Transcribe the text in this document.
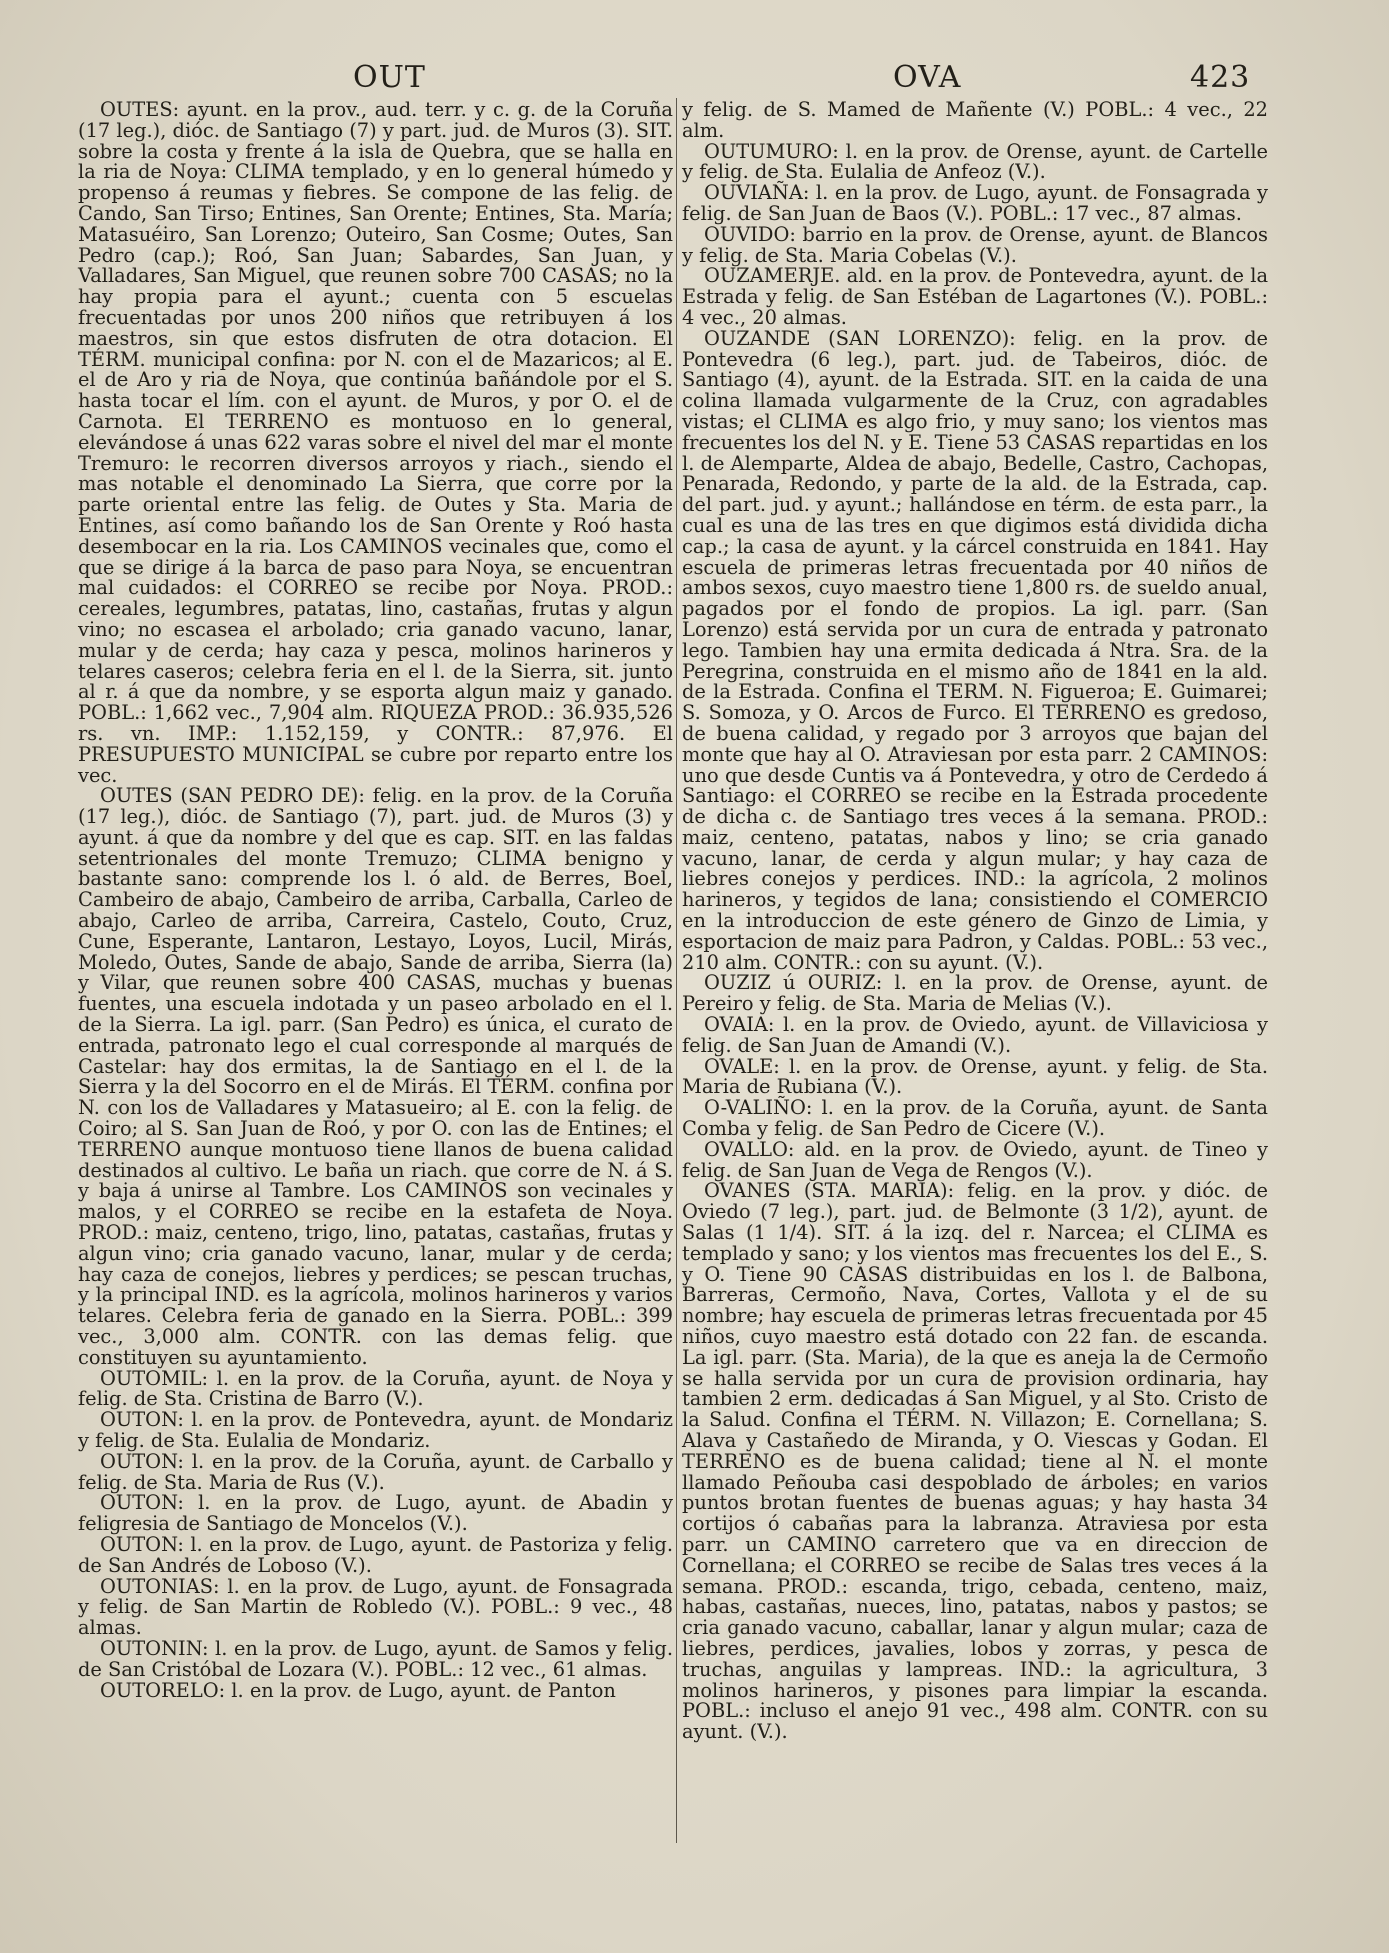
OUT	OVA	423

OUTES: ayunt. en la prov., aud. terr. y c. g. de la Coruña (17 leg.), dióc. de Santiago (7) y part. jud. de Muros (3). SIT. sobre la costa y frente á la isla de Quebra, que se halla en la ria de Noya: CLIMA templado, y en lo general húmedo y propenso á reumas y fiebres. Se compone de las felig. de Cando, San Tirso; Entines, San Orente; Entines, Sta. María; Matasuéiro, San Lorenzo; Outeiro, San Cosme; Outes, San Pedro (cap.); Roó, San Juan; Sabardes, San Juan, y Valladares, San Miguel, que reunen sobre 700 CASAS; no la hay propia para el ayunt.; cuenta con 5 escuelas frecuentadas por unos 200 niños que retribuyen á los maestros, sin que estos disfruten de otra dotacion. El TÉRM. municipal confina: por N. con el de Mazaricos; al E. el de Aro y ria de Noya, que continúa bañándole por el S. hasta tocar el lím. con el ayunt. de Muros, y por O. el de Carnota. El TERRENO es montuoso en lo general, elevándose á unas 622 varas sobre el nivel del mar el monte Tremuro: le recorren diversos arroyos y riach., siendo el mas notable el denominado La Sierra, que corre por la parte oriental entre las felig. de Outes y Sta. Maria de Entines, así como bañando los de San Orente y Roó hasta desembocar en la ria. Los CAMINOS vecinales que, como el que se dirige á la barca de paso para Noya, se encuentran mal cuidados: el CORREO se recibe por Noya. PROD.: cereales, legumbres, patatas, lino, castañas, frutas y algun vino; no escasea el arbolado; cria ganado vacuno, lanar, mular y de cerda; hay caza y pesca, molinos harineros y telares caseros; celebra feria en el l. de la Sierra, sit. junto al r. á que da nombre, y se esporta algun maiz y ganado. POBL.: 1,662 vec., 7,904 alm. RIQUEZA PROD.: 36.935,526 rs. vn. IMP.: 1.152,159, y CONTR.: 87,976. El PRESUPUESTO MUNICIPAL se cubre por reparto entre los vec.

OUTES (SAN PEDRO DE): felig. en la prov. de la Coruña (17 leg.), dióc. de Santiago (7), part. jud. de Muros (3) y ayunt. á que da nombre y del que es cap. SIT. en las faldas setentrionales del monte Tremuzo; CLIMA benigno y bastante sano: comprende los l. ó ald. de Berres, Boel, Cambeiro de abajo, Cambeiro de arriba, Carballa, Carleo de abajo, Carleo de arriba, Carreira, Castelo, Couto, Cruz, Cune, Esperante, Lantaron, Lestayo, Loyos, Lucil, Mirás, Moledo, Outes, Sande de abajo, Sande de arriba, Sierra (la) y Vilar, que reunen sobre 400 CASAS, muchas y buenas fuentes, una escuela indotada y un paseo arbolado en el l. de la Sierra. La igl. parr. (San Pedro) es única, el curato de entrada, patronato lego el cual corresponde al marqués de Castelar: hay dos ermitas, la de Santiago en el l. de la Sierra y la del Socorro en el de Mirás. El TÉRM. confina por N. con los de Valladares y Matasueiro; al E. con la felig. de Coiro; al S. San Juan de Roó, y por O. con las de Entines; el TERRENO aunque montuoso tiene llanos de buena calidad destinados al cultivo. Le baña un riach. que corre de N. á S. y baja á unirse al Tambre. Los CAMINOS son vecinales y malos, y el CORREO se recibe en la estafeta de Noya. PROD.: maiz, centeno, trigo, lino, patatas, castañas, frutas y algun vino; cria ganado vacuno, lanar, mular y de cerda; hay caza de conejos, liebres y perdices; se pescan truchas, y la principal IND. es la agrícola, molinos harineros y varios telares. Celebra feria de ganado en la Sierra. POBL.: 399 vec., 3,000 alm. CONTR. con las demas felig. que constituyen su ayuntamiento.

OUTOMIL: l. en la prov. de la Coruña, ayunt. de Noya y felig. de Sta. Cristina de Barro (V.).

OUTON: l. en la prov. de Pontevedra, ayunt. de Mondariz y felig. de Sta. Eulalia de Mondariz.

OUTON: l. en la prov. de la Coruña, ayunt. de Carballo y felig. de Sta. Maria de Rus (V.).

OUTON: l. en la prov. de Lugo, ayunt. de Abadin y feligresia de Santiago de Moncelos (V.).

OUTON: l. en la prov. de Lugo, ayunt. de Pastoriza y felig. de San Andrés de Loboso (V.).

OUTONIAS: l. en la prov. de Lugo, ayunt. de Fonsagrada y felig. de San Martin de Robledo (V.). POBL.: 9 vec., 48 almas.

OUTONIN: l. en la prov. de Lugo, ayunt. de Samos y felig. de San Cristóbal de Lozara (V.). POBL.: 12 vec., 61 almas.

OUTORELO: l. en la prov. de Lugo, ayunt. de Panton

y felig. de S. Mamed de Mañente (V.) POBL.: 4 vec., 22 alm.

OUTUMURO: l. en la prov. de Orense, ayunt. de Cartelle y felig. de Sta. Eulalia de Anfeoz (V.).

OUVIAÑA: l. en la prov. de Lugo, ayunt. de Fonsagrada y felig. de San Juan de Baos (V.). POBL.: 17 vec., 87 almas.

OUVIDO: barrio en la prov. de Orense, ayunt. de Blancos y felig. de Sta. Maria Cobelas (V.).

OUZAMERJE. ald. en la prov. de Pontevedra, ayunt. de la Estrada y felig. de San Estéban de Lagartones (V.). POBL.: 4 vec., 20 almas.

OUZANDE (SAN LORENZO): felig. en la prov. de Pontevedra (6 leg.), part. jud. de Tabeiros, dióc. de Santiago (4), ayunt. de la Estrada. SIT. en la caida de una colina llamada vulgarmente de la Cruz, con agradables vistas; el CLIMA es algo frio, y muy sano; los vientos mas frecuentes los del N. y E. Tiene 53 CASAS repartidas en los l. de Alemparte, Aldea de abajo, Bedelle, Castro, Cachopas, Penarada, Redondo, y parte de la ald. de la Estrada, cap. del part. jud. y ayunt.; hallándose en térm. de esta parr., la cual es una de las tres en que digimos está dividida dicha cap.; la casa de ayunt. y la cárcel construida en 1841. Hay escuela de primeras letras frecuentada por 40 niños de ambos sexos, cuyo maestro tiene 1,800 rs. de sueldo anual, pagados por el fondo de propios. La igl. parr. (San Lorenzo) está servida por un cura de entrada y patronato lego. Tambien hay una ermita dedicada á Ntra. Sra. de la Peregrina, construida en el mismo año de 1841 en la ald. de la Estrada. Confina el TERM. N. Figueroa; E. Guimarei; S. Somoza, y O. Arcos de Furco. El TERRENO es gredoso, de buena calidad, y regado por 3 arroyos que bajan del monte que hay al O. Atraviesan por esta parr. 2 CAMINOS: uno que desde Cuntis va á Pontevedra, y otro de Cerdedo á Santiago: el CORREO se recibe en la Estrada procedente de dicha c. de Santiago tres veces á la semana. PROD.: maiz, centeno, patatas, nabos y lino; se cria ganado vacuno, lanar, de cerda y algun mular; y hay caza de liebres conejos y perdices. IND.: la agrícola, 2 molinos harineros, y tegidos de lana; consistiendo el COMERCIO en la introduccion de este género de Ginzo de Limia, y esportacion de maiz para Padron, y Caldas. POBL.: 53 vec., 210 alm. CONTR.: con su ayunt. (V.).

OUZIZ ú OURIZ: l. en la prov. de Orense, ayunt. de Pereiro y felig. de Sta. Maria de Melias (V.).

OVAIA: l. en la prov. de Oviedo, ayunt. de Villaviciosa y felig. de San Juan de Amandi (V.).

OVALE: l. en la prov. de Orense, ayunt. y felig. de Sta. Maria de Rubiana (V.).

O-VALIÑO: l. en la prov. de la Coruña, ayunt. de Santa Comba y felig. de San Pedro de Cicere (V.).

OVALLO: ald. en la prov. de Oviedo, ayunt. de Tineo y felig. de San Juan de Vega de Rengos (V.).

OVANES (STA. MARIA): felig. en la prov. y dióc. de Oviedo (7 leg.), part. jud. de Belmonte (3 1/2), ayunt. de Salas (1 1/4). SIT. á la izq. del r. Narcea; el CLIMA es templado y sano; y los vientos mas frecuentes los del E., S. y O. Tiene 90 CASAS distribuidas en los l. de Balbona, Barreras, Cermoño, Nava, Cortes, Vallota y el de su nombre; hay escuela de primeras letras frecuentada por 45 niños, cuyo maestro está dotado con 22 fan. de escanda. La igl. parr. (Sta. Maria), de la que es aneja la de Cermoño se halla servida por un cura de provision ordinaria, hay tambien 2 erm. dedicadas á San Miguel, y al Sto. Cristo de la Salud. Confina el TÉRM. N. Villazon; E. Cornellana; S. Alava y Castañedo de Miranda, y O. Viescas y Godan. El TERRENO es de buena calidad; tiene al N. el monte llamado Peñouba casi despoblado de árboles; en varios puntos brotan fuentes de buenas aguas; y hay hasta 34 cortijos ó cabañas para la labranza. Atraviesa por esta parr. un CAMINO carretero que va en direccion de Cornellana; el CORREO se recibe de Salas tres veces á la semana. PROD.: escanda, trigo, cebada, centeno, maiz, habas, castañas, nueces, lino, patatas, nabos y pastos; se cria ganado vacuno, caballar, lanar y algun mular; caza de liebres, perdices, javalies, lobos y zorras, y pesca de truchas, anguilas y lampreas. IND.: la agricultura, 3 molinos harineros, y pisones para limpiar la escanda. POBL.: incluso el anejo 91 vec., 498 alm. CONTR. con su ayunt. (V.).
